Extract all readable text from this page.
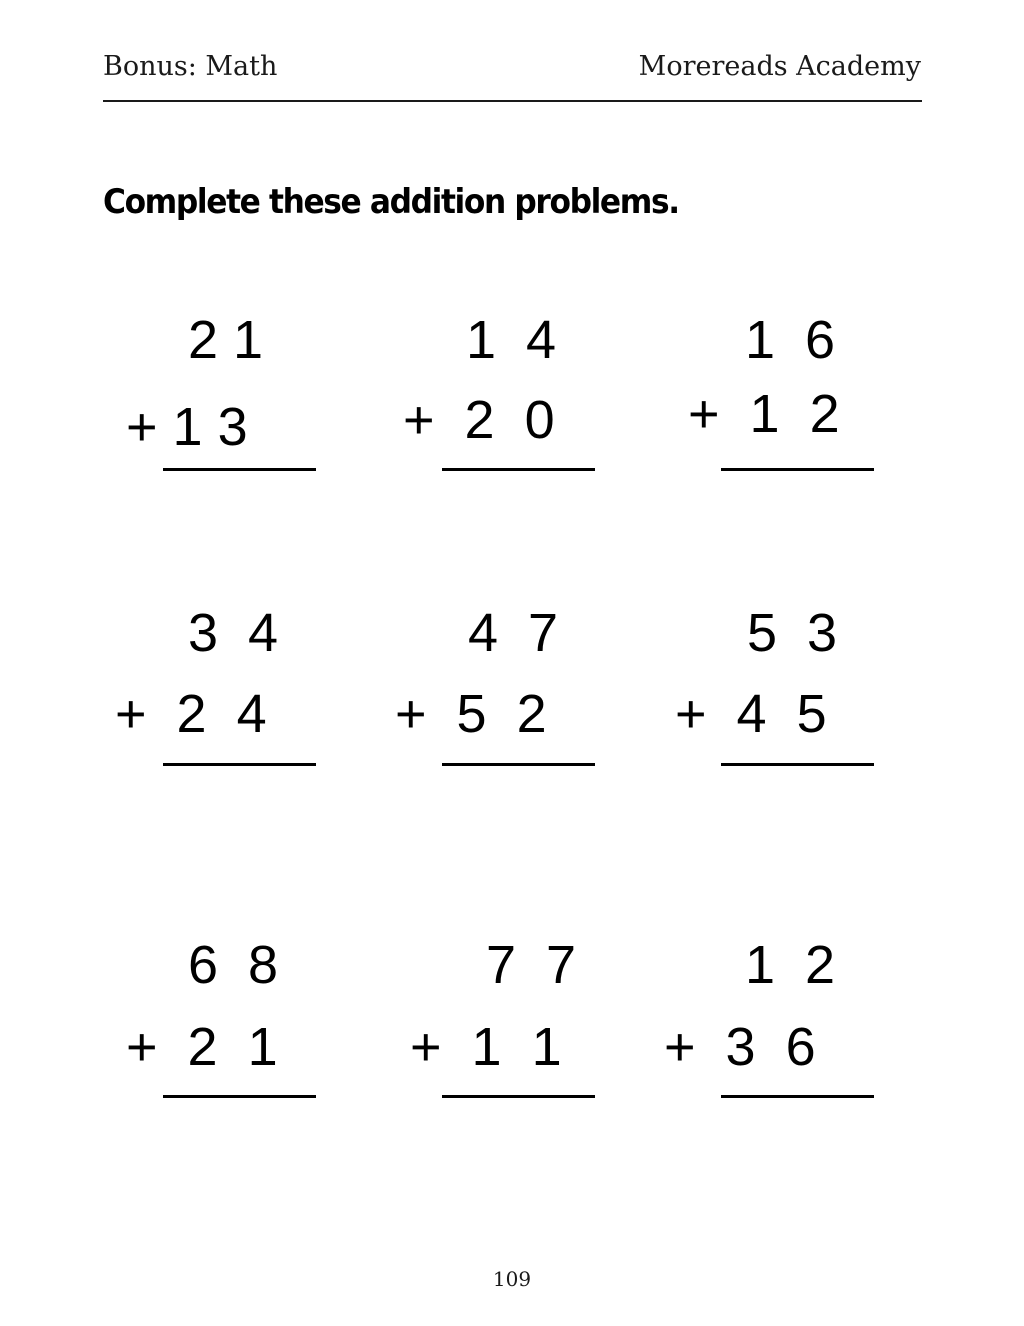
Bonus: Math	Morereads Academy
Complete these addition problems.
2 1
+ 1 3
1  4
+  2  0
1  6
+  1  2
3  4
+  2  4
4  7
+  5  2
5  3
+  4  5
6  8
+  2  1
7  7
+  1  1
1  2
+  3  6
109
